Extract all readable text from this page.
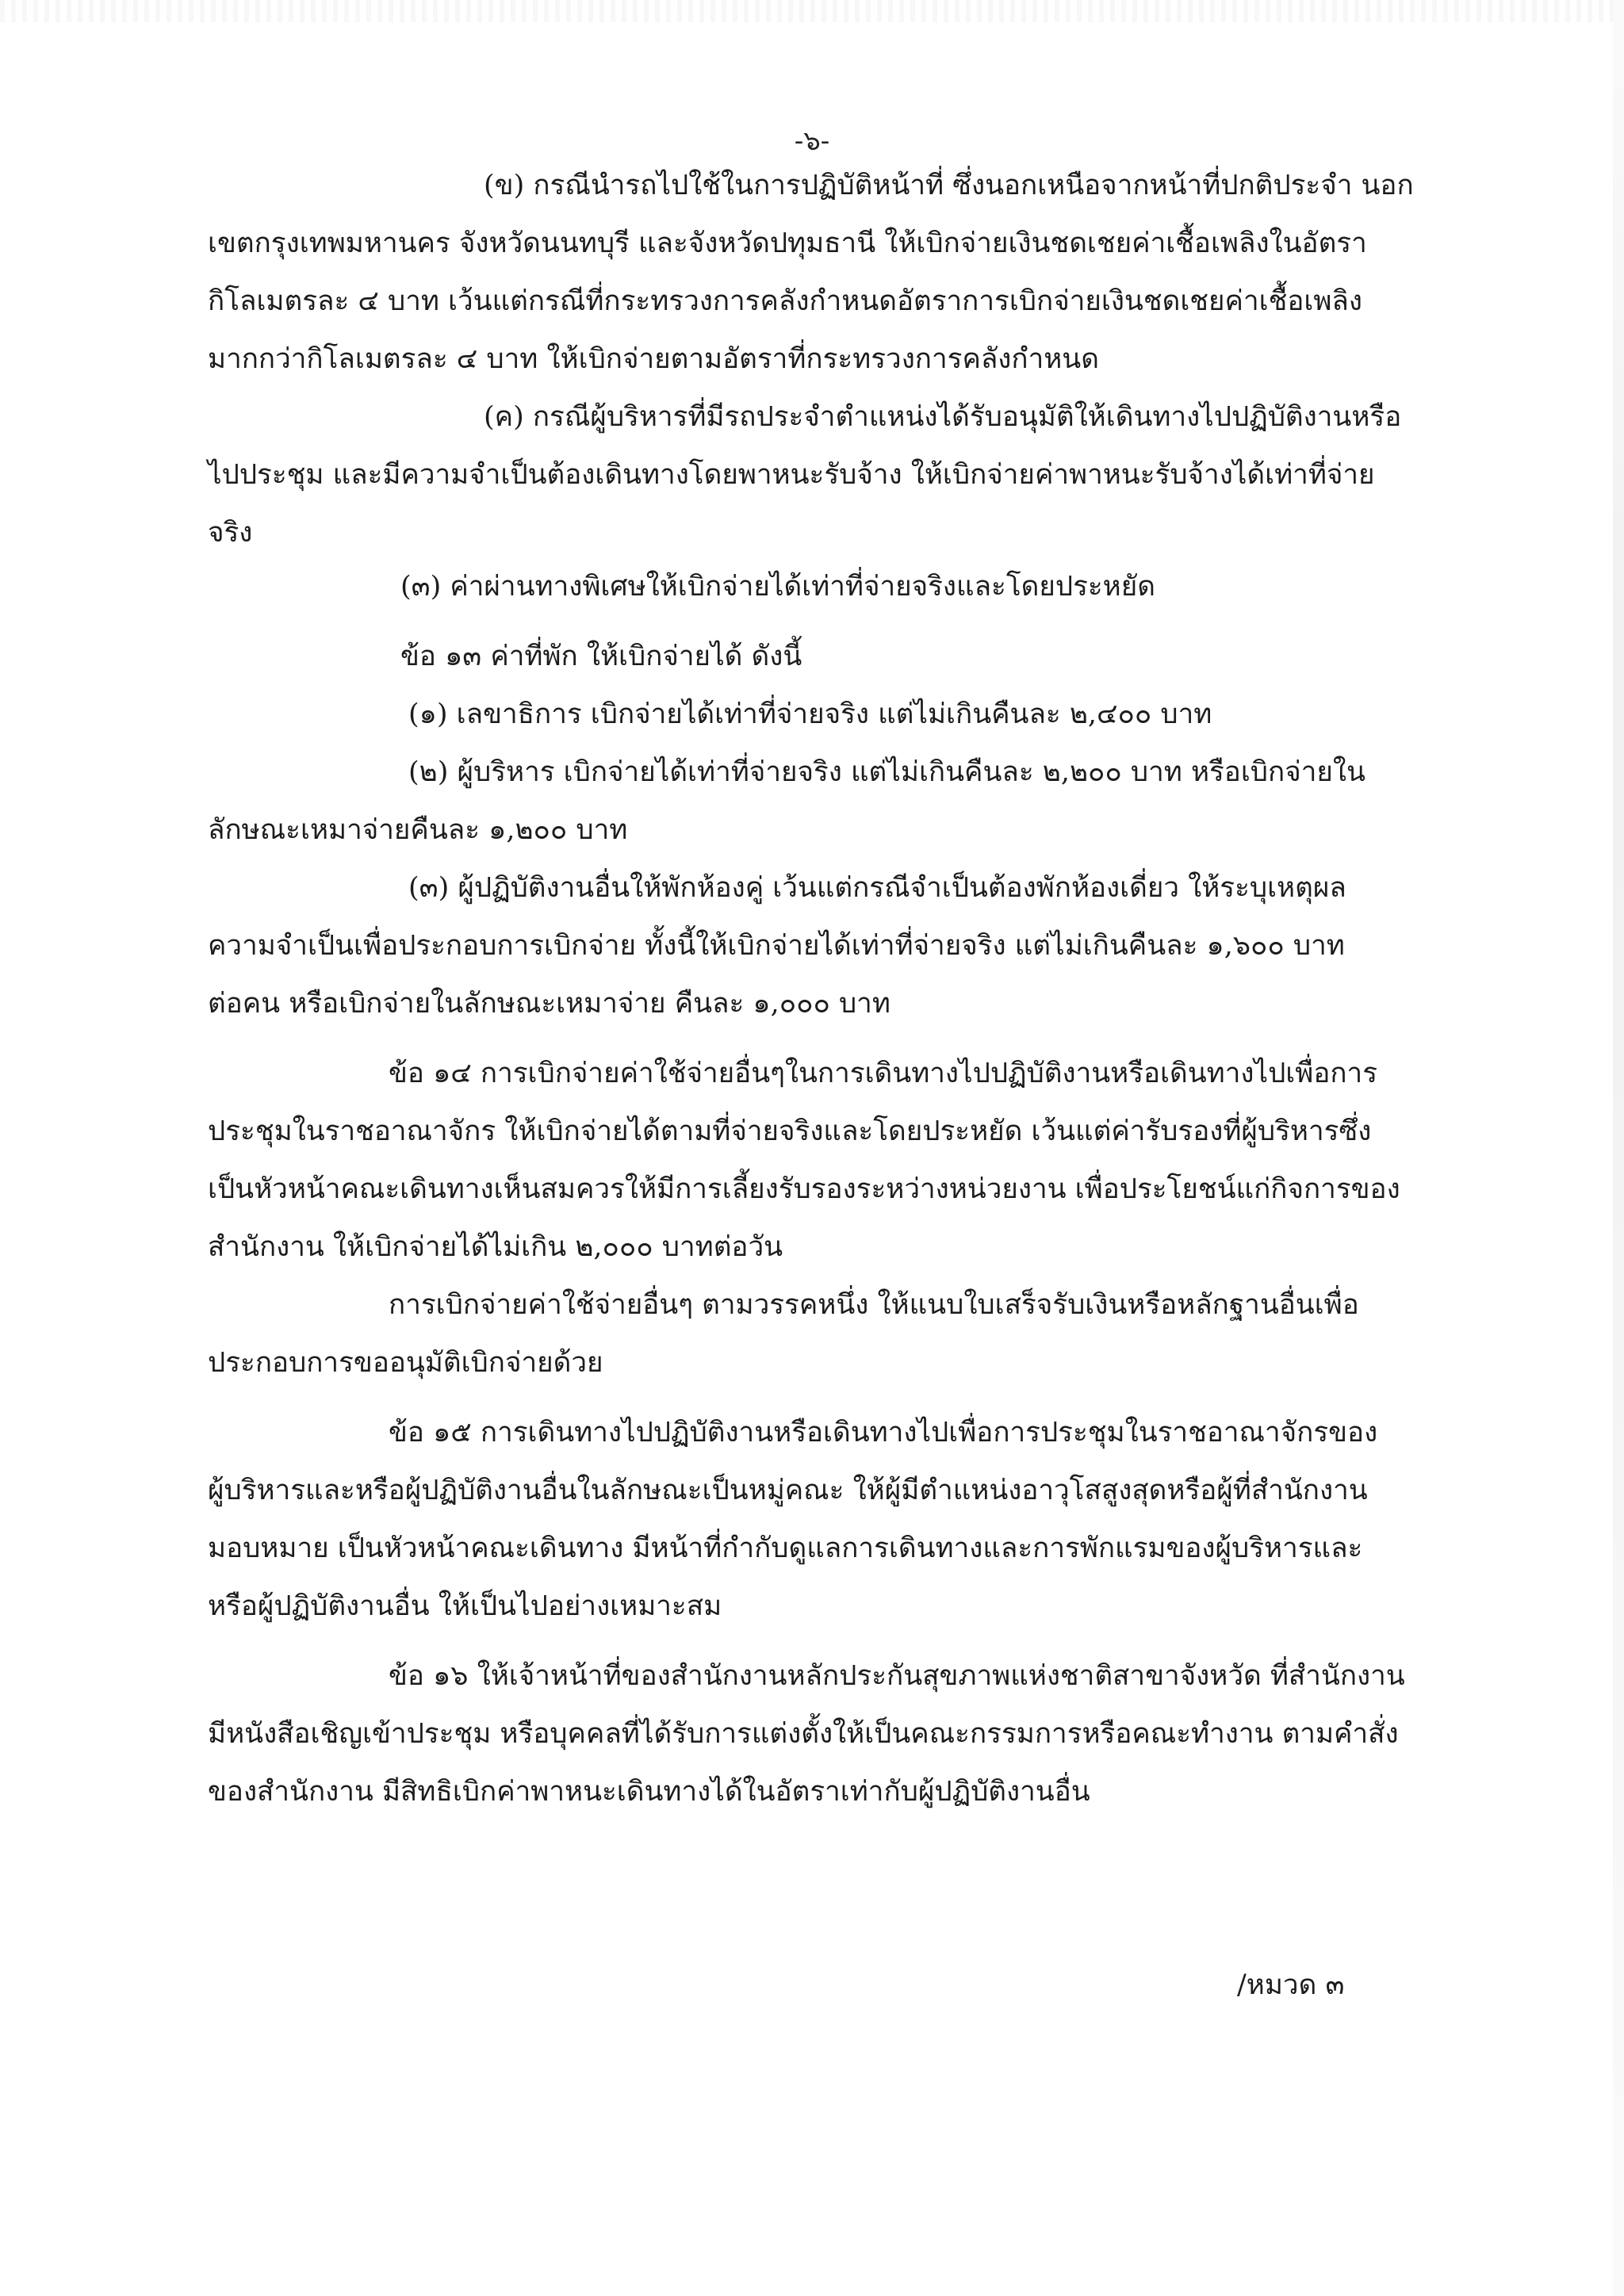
-๖-
(ข) กรณีนำรถไปใช้ในการปฏิบัติหน้าที่ ซึ่งนอกเหนือจากหน้าที่ปกติประจำ นอก
เขตกรุงเทพมหานคร จังหวัดนนทบุรี และจังหวัดปทุมธานี ให้เบิกจ่ายเงินชดเชยค่าเชื้อเพลิงในอัตรา
กิโลเมตรละ ๔ บาท เว้นแต่กรณีที่กระทรวงการคลังกำหนดอัตราการเบิกจ่ายเงินชดเชยค่าเชื้อเพลิง
มากกว่ากิโลเมตรละ ๔ บาท ให้เบิกจ่ายตามอัตราที่กระทรวงการคลังกำหนด
(ค) กรณีผู้บริหารที่มีรถประจำตำแหน่งได้รับอนุมัติให้เดินทางไปปฏิบัติงานหรือ
ไปประชุม และมีความจำเป็นต้องเดินทางโดยพาหนะรับจ้าง ให้เบิกจ่ายค่าพาหนะรับจ้างได้เท่าที่จ่าย
จริง
(๓) ค่าผ่านทางพิเศษให้เบิกจ่ายได้เท่าที่จ่ายจริงและโดยประหยัด
ข้อ ๑๓ ค่าที่พัก ให้เบิกจ่ายได้ ดังนี้
(๑) เลขาธิการ เบิกจ่ายได้เท่าที่จ่ายจริง แต่ไม่เกินคืนละ ๒,๔๐๐ บาท
(๒) ผู้บริหาร เบิกจ่ายได้เท่าที่จ่ายจริง แต่ไม่เกินคืนละ ๒,๒๐๐ บาท หรือเบิกจ่ายใน
ลักษณะเหมาจ่ายคืนละ ๑,๒๐๐ บาท
(๓) ผู้ปฏิบัติงานอื่นให้พักห้องคู่ เว้นแต่กรณีจำเป็นต้องพักห้องเดี่ยว ให้ระบุเหตุผล
ความจำเป็นเพื่อประกอบการเบิกจ่าย ทั้งนี้ให้เบิกจ่ายได้เท่าที่จ่ายจริง แต่ไม่เกินคืนละ ๑,๖๐๐ บาท
ต่อคน หรือเบิกจ่ายในลักษณะเหมาจ่าย คืนละ ๑,๐๐๐ บาท
ข้อ ๑๔ การเบิกจ่ายค่าใช้จ่ายอื่นๆในการเดินทางไปปฏิบัติงานหรือเดินทางไปเพื่อการ
ประชุมในราชอาณาจักร ให้เบิกจ่ายได้ตามที่จ่ายจริงและโดยประหยัด เว้นแต่ค่ารับรองที่ผู้บริหารซึ่ง
เป็นหัวหน้าคณะเดินทางเห็นสมควรให้มีการเลี้ยงรับรองระหว่างหน่วยงาน เพื่อประโยชน์แก่กิจการของ
สำนักงาน ให้เบิกจ่ายได้ไม่เกิน ๒,๐๐๐ บาทต่อวัน
การเบิกจ่ายค่าใช้จ่ายอื่นๆ ตามวรรคหนึ่ง ให้แนบใบเสร็จรับเงินหรือหลักฐานอื่นเพื่อ
ประกอบการขออนุมัติเบิกจ่ายด้วย
ข้อ ๑๕ การเดินทางไปปฏิบัติงานหรือเดินทางไปเพื่อการประชุมในราชอาณาจักรของ
ผู้บริหารและหรือผู้ปฏิบัติงานอื่นในลักษณะเป็นหมู่คณะ ให้ผู้มีตำแหน่งอาวุโสสูงสุดหรือผู้ที่สำนักงาน
มอบหมาย เป็นหัวหน้าคณะเดินทาง มีหน้าที่กำกับดูแลการเดินทางและการพักแรมของผู้บริหารและ
หรือผู้ปฏิบัติงานอื่น ให้เป็นไปอย่างเหมาะสม
ข้อ ๑๖ ให้เจ้าหน้าที่ของสำนักงานหลักประกันสุขภาพแห่งชาติสาขาจังหวัด ที่สำนักงาน
มีหนังสือเชิญเข้าประชุม หรือบุคคลที่ได้รับการแต่งตั้งให้เป็นคณะกรรมการหรือคณะทำงาน ตามคำสั่ง
ของสำนักงาน มีสิทธิเบิกค่าพาหนะเดินทางได้ในอัตราเท่ากับผู้ปฏิบัติงานอื่น
/หมวด ๓
